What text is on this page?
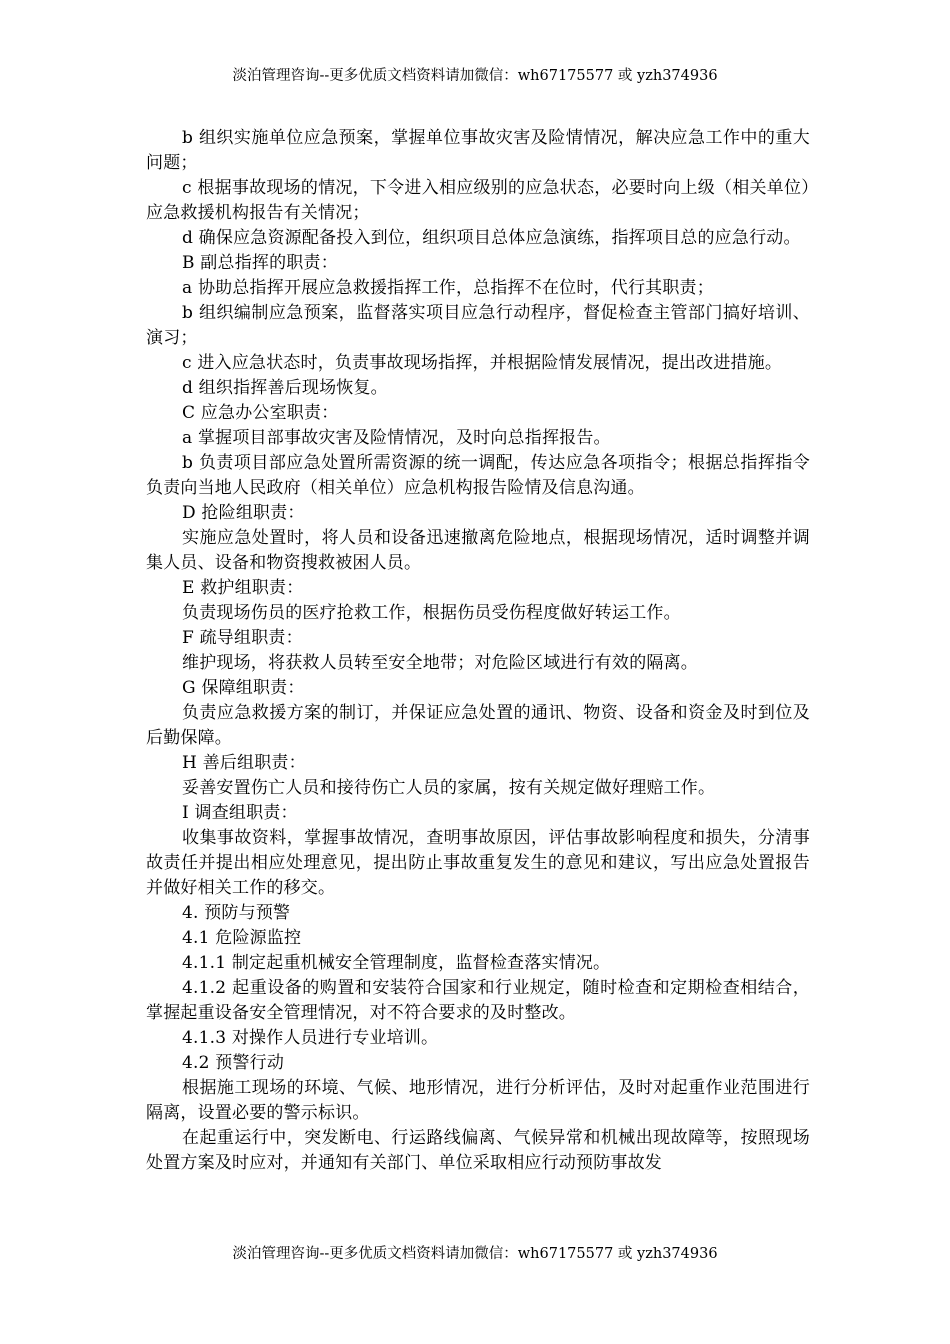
淡泊管理咨询--更多优质文档资料请加微信：wh67175577 或 yzh374936

b 组织实施单位应急预案，掌握单位事故灾害及险情情况，解决应急工作中的重大问题；

c 根据事故现场的情况，下令进入相应级别的应急状态，必要时向上级（相关单位）应急救援机构报告有关情况；

d 确保应急资源配备投入到位，组织项目总体应急演练，指挥项目总的应急行动。

B 副总指挥的职责：

a 协助总指挥开展应急救援指挥工作，总指挥不在位时，代行其职责；

b 组织编制应急预案，监督落实项目应急行动程序，督促检查主管部门搞好培训、演习；

c 进入应急状态时，负责事故现场指挥，并根据险情发展情况，提出改进措施。

d 组织指挥善后现场恢复。

C 应急办公室职责：

a 掌握项目部事故灾害及险情情况，及时向总指挥报告。

b 负责项目部应急处置所需资源的统一调配，传达应急各项指令；根据总指挥指令负责向当地人民政府（相关单位）应急机构报告险情及信息沟通。

D 抢险组职责：

实施应急处置时，将人员和设备迅速撤离危险地点，根据现场情况，适时调整并调集人员、设备和物资搜救被困人员。

E 救护组职责：

负责现场伤员的医疗抢救工作，根据伤员受伤程度做好转运工作。

F 疏导组职责：

维护现场，将获救人员转至安全地带；对危险区域进行有效的隔离。

G 保障组职责：

负责应急救援方案的制订，并保证应急处置的通讯、物资、设备和资金及时到位及后勤保障。

H 善后组职责：

妥善安置伤亡人员和接待伤亡人员的家属，按有关规定做好理赔工作。

I 调查组职责：

收集事故资料，掌握事故情况，查明事故原因，评估事故影响程度和损失，分清事故责任并提出相应处理意见，提出防止事故重复发生的意见和建议，写出应急处置报告并做好相关工作的移交。

4. 预防与预警

4.1 危险源监控

4.1.1 制定起重机械安全管理制度，监督检查落实情况。

4.1.2 起重设备的购置和安装符合国家和行业规定，随时检查和定期检查相结合，掌握起重设备安全管理情况，对不符合要求的及时整改。

4.1.3 对操作人员进行专业培训。

4.2 预警行动

根据施工现场的环境、气候、地形情况，进行分析评估，及时对起重作业范围进行隔离，设置必要的警示标识。

在起重运行中，突发断电、行运路线偏离、气候异常和机械出现故障等，按照现场处置方案及时应对，并通知有关部门、单位采取相应行动预防事故发

淡泊管理咨询--更多优质文档资料请加微信：wh67175577 或 yzh374936
